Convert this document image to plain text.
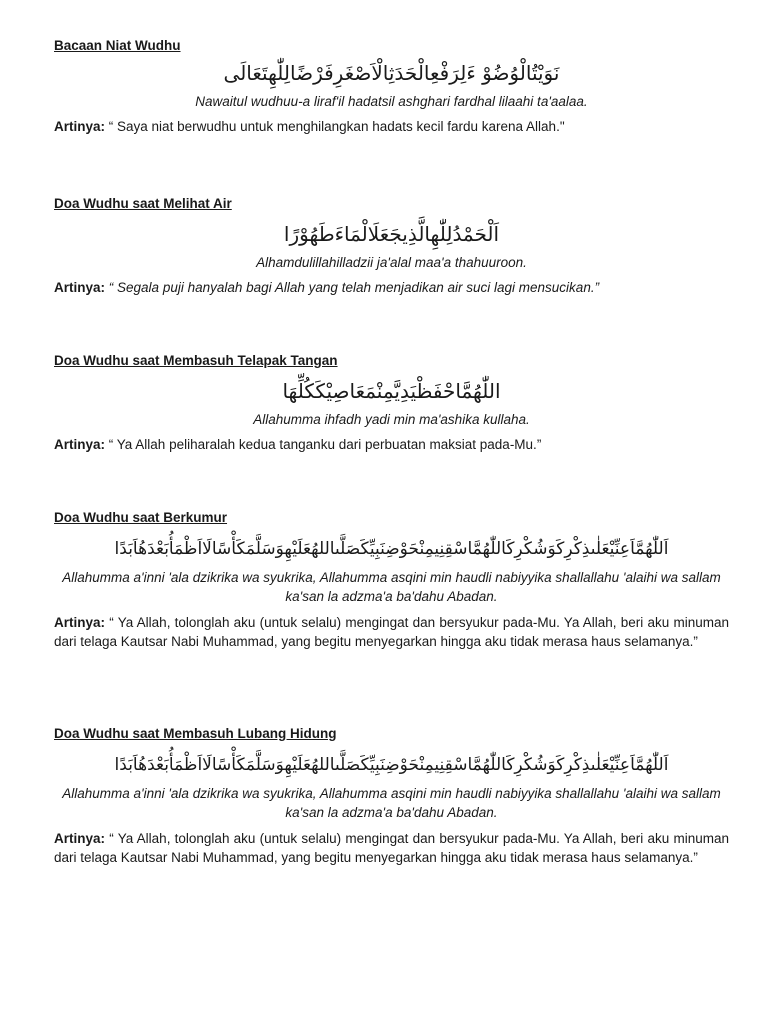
Bacaan Niat Wudhu

نَوَيْتُالْوُضُوْ ءَلِرَفْعِالْحَدَثِالْاَصْغَرِفَرْضًالِلّٰهِتَعَالَى

Nawaitul wudhuu-a liraf'il hadatsil ashghari fardhal lilaahi ta'aalaa.

Artinya: “ Saya niat berwudhu untuk menghilangkan hadats kecil fardu karena Allah."

Doa Wudhu saat Melihat Air

اَلْحَمْدُلِلّٰهِالَّذِيجَعَلَالْمَاءَطَهُوْرًا

Alhamdulillahilladzii ja'alal maa'a thahuuroon.

Artinya: “ Segala puji hanyalah bagi Allah yang telah menjadikan air suci lagi mensucikan.”

Doa Wudhu saat Membasuh Telapak Tangan

اللّٰهُمَّاحْفَظْيَدِيَّمِنْمَعَاصِيْكَكُلِّهَا

Allahumma ihfadh yadi min ma'ashika kullaha.

Artinya: “ Ya Allah peliharalah kedua tanganku dari perbuatan maksiat pada-Mu.”

Doa Wudhu saat Berkumur

اَللّٰهُمَّاَعِنِّيْعَلٰىذِكْرِكَوَشُكْرِكَاللّٰهُمَّاسْقِنِيمِنْحَوْضِنَبِيِّكَصَلَّىاللهُعَلَيْهِوَسَلَّمَكَأْسًالَااَظْمَأُبَعْدَهُاَبَدًا

Allahumma a'inni 'ala dzikrika wa syukrika, Allahumma asqini min haudli nabiyyika shallallahu 'alaihi wa sallam ka'san la adzma'a ba'dahu Abadan.

Artinya: “ Ya Allah, tolonglah aku (untuk selalu) mengingat dan bersyukur pada-Mu. Ya Allah, beri aku minuman dari telaga Kautsar Nabi Muhammad, yang begitu menyegarkan hingga aku tidak merasa haus selamanya.”

Doa Wudhu saat Membasuh Lubang Hidung

اَللّٰهُمَّاَعِنِّيْعَلٰىذِكْرِكَوَشُكْرِكَاللّٰهُمَّاسْقِنِيمِنْحَوْضِنَبِيِّكَصَلَّىاللهُعَلَيْهِوَسَلَّمَكَأْسًالَااَظْمَأُبَعْدَهُاَبَدًا

Allahumma a'inni 'ala dzikrika wa syukrika, Allahumma asqini min haudli nabiyyika shallallahu 'alaihi wa sallam ka'san la adzma'a ba'dahu Abadan.

Artinya: “ Ya Allah, tolonglah aku (untuk selalu) mengingat dan bersyukur pada-Mu. Ya Allah, beri aku minuman dari telaga Kautsar Nabi Muhammad, yang begitu menyegarkan hingga aku tidak merasa haus selamanya.”
